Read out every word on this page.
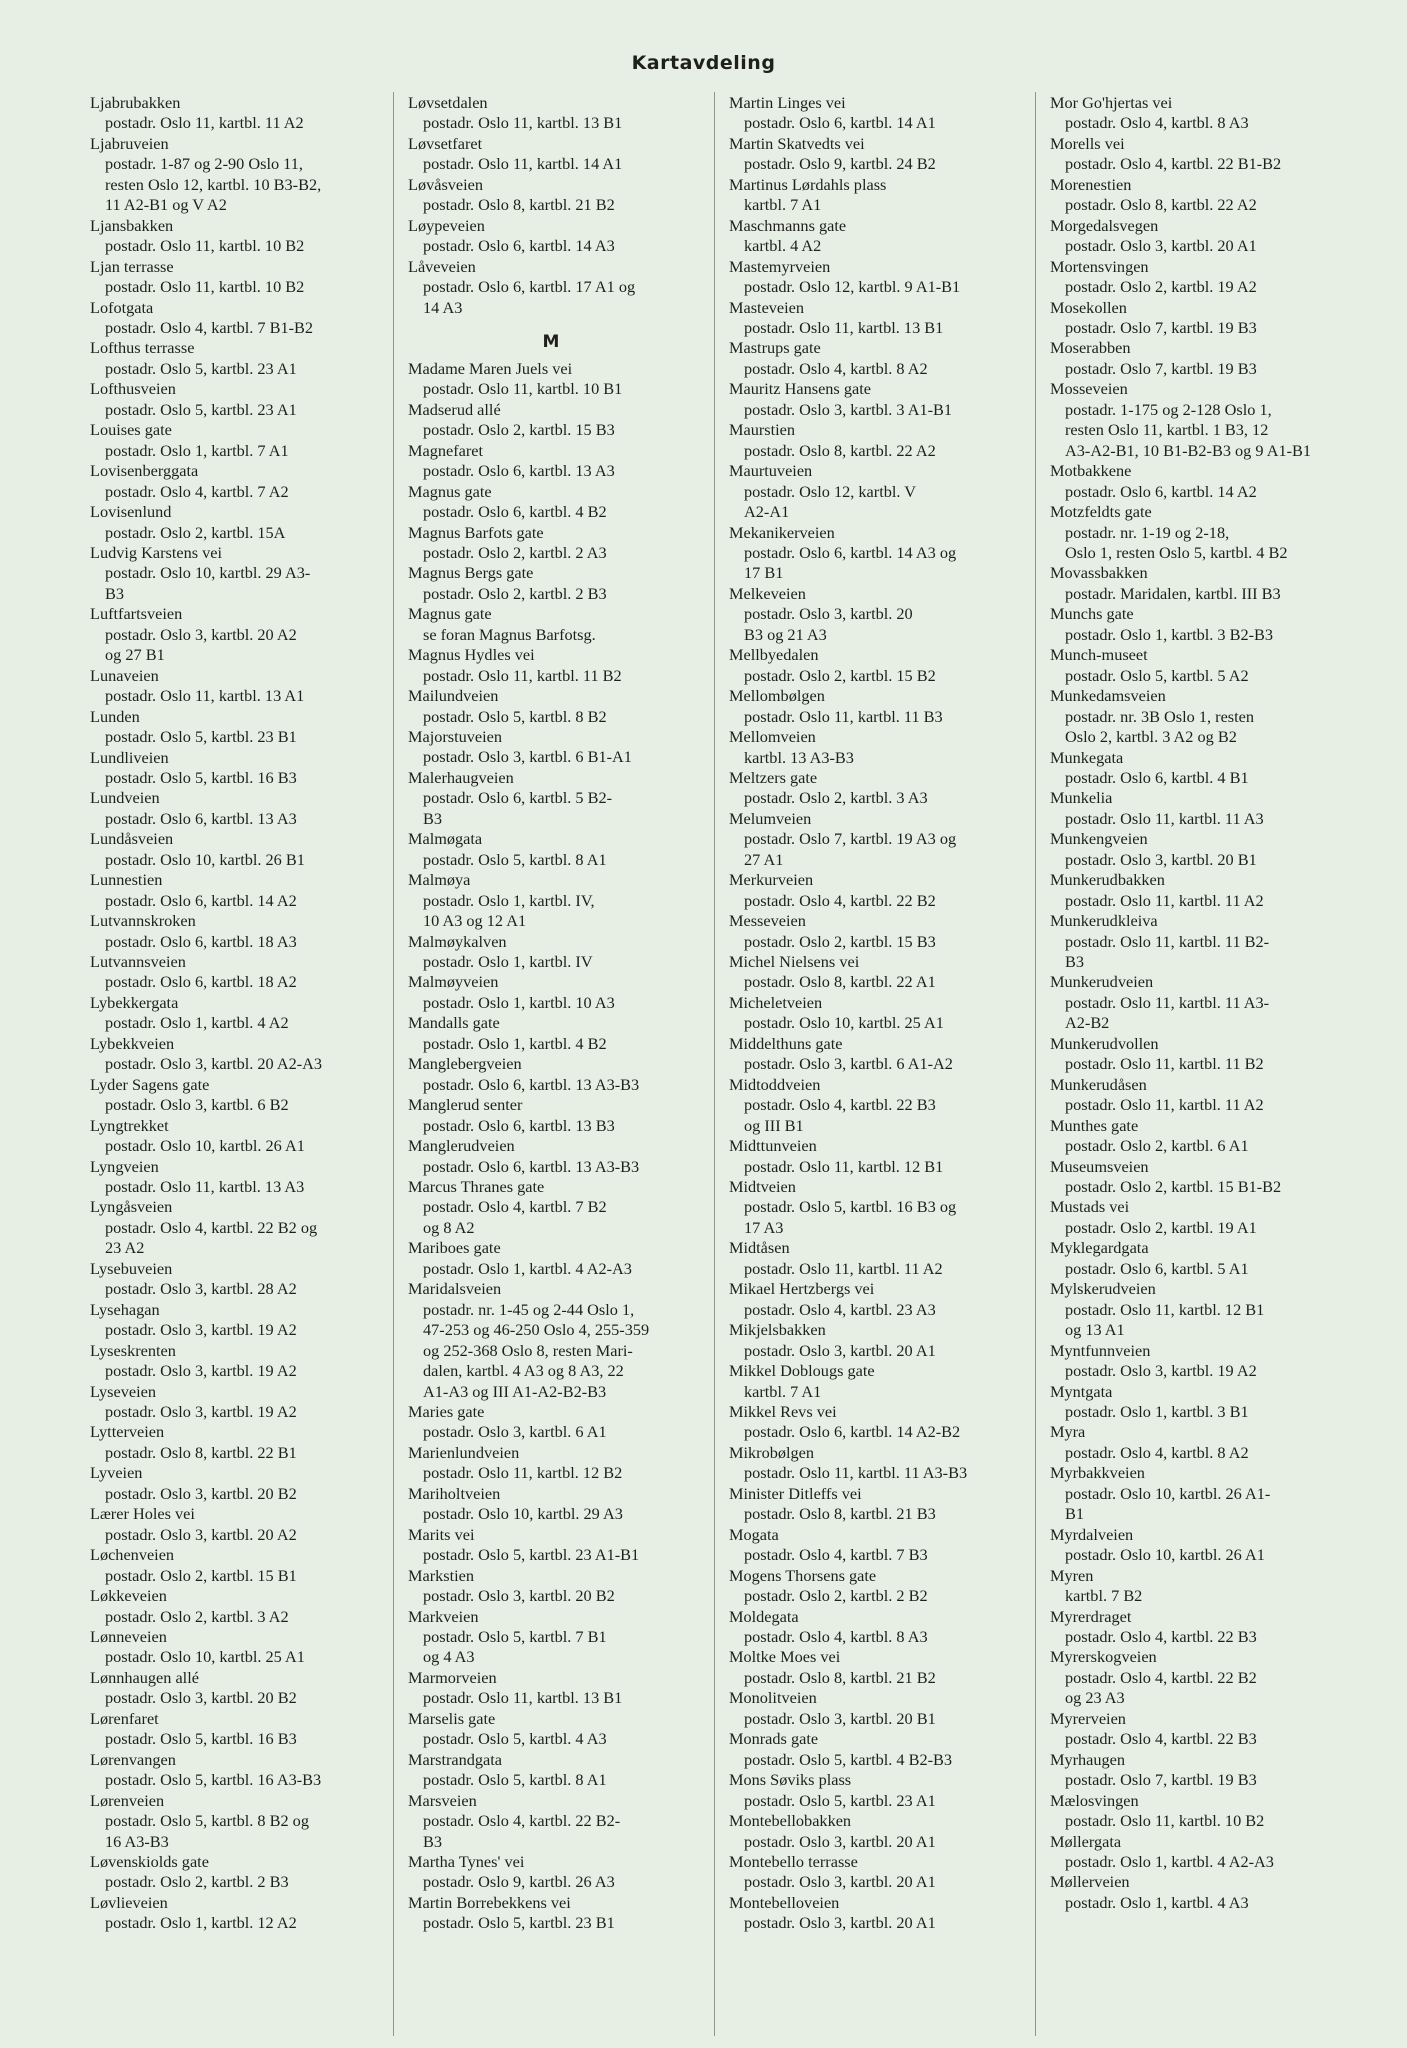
Kartavdeling
Ljabrubakken
postadr. Oslo 11, kartbl. 11 A2
Ljabruveien
postadr. 1-87 og 2-90 Oslo 11,
resten Oslo 12, kartbl. 10 B3-B2,
11 A2-B1 og V A2
Ljansbakken
postadr. Oslo 11, kartbl. 10 B2
Ljan terrasse
postadr. Oslo 11, kartbl. 10 B2
Lofotgata
postadr. Oslo 4, kartbl. 7 B1-B2
Lofthus terrasse
postadr. Oslo 5, kartbl. 23 A1
Lofthusveien
postadr. Oslo 5, kartbl. 23 A1
Louises gate
postadr. Oslo 1, kartbl. 7 A1
Lovisenberggata
postadr. Oslo 4, kartbl. 7 A2
Lovisenlund
postadr. Oslo 2, kartbl. 15A
Ludvig Karstens vei
postadr. Oslo 10, kartbl. 29 A3-
B3
Luftfartsveien
postadr. Oslo 3, kartbl. 20 A2
og 27 B1
Lunaveien
postadr. Oslo 11, kartbl. 13 A1
Lunden
postadr. Oslo 5, kartbl. 23 B1
Lundliveien
postadr. Oslo 5, kartbl. 16 B3
Lundveien
postadr. Oslo 6, kartbl. 13 A3
Lundåsveien
postadr. Oslo 10, kartbl. 26 B1
Lunnestien
postadr. Oslo 6, kartbl. 14 A2
Lutvannskroken
postadr. Oslo 6, kartbl. 18 A3
Lutvannsveien
postadr. Oslo 6, kartbl. 18 A2
Lybekkergata
postadr. Oslo 1, kartbl. 4 A2
Lybekkveien
postadr. Oslo 3, kartbl. 20 A2-A3
Lyder Sagens gate
postadr. Oslo 3, kartbl. 6 B2
Lyngtrekket
postadr. Oslo 10, kartbl. 26 A1
Lyngveien
postadr. Oslo 11, kartbl. 13 A3
Lyngåsveien
postadr. Oslo 4, kartbl. 22 B2 og
23 A2
Lysebuveien
postadr. Oslo 3, kartbl. 28 A2
Lysehagan
postadr. Oslo 3, kartbl. 19 A2
Lyseskrenten
postadr. Oslo 3, kartbl. 19 A2
Lyseveien
postadr. Oslo 3, kartbl. 19 A2
Lytterveien
postadr. Oslo 8, kartbl. 22 B1
Lyveien
postadr. Oslo 3, kartbl. 20 B2
Lærer Holes vei
postadr. Oslo 3, kartbl. 20 A2
Løchenveien
postadr. Oslo 2, kartbl. 15 B1
Løkkeveien
postadr. Oslo 2, kartbl. 3 A2
Lønneveien
postadr. Oslo 10, kartbl. 25 A1
Lønnhaugen allé
postadr. Oslo 3, kartbl. 20 B2
Lørenfaret
postadr. Oslo 5, kartbl. 16 B3
Lørenvangen
postadr. Oslo 5, kartbl. 16 A3-B3
Lørenveien
postadr. Oslo 5, kartbl. 8 B2 og
16 A3-B3
Løvenskiolds gate
postadr. Oslo 2, kartbl. 2 B3
Løvlieveien
postadr. Oslo 1, kartbl. 12 A2
Løvsetdalen
postadr. Oslo 11, kartbl. 13 B1
Løvsetfaret
postadr. Oslo 11, kartbl. 14 A1
Løvåsveien
postadr. Oslo 8, kartbl. 21 B2
Løypeveien
postadr. Oslo 6, kartbl. 14 A3
Låveveien
postadr. Oslo 6, kartbl. 17 A1 og
14 A3
M
Madame Maren Juels vei
postadr. Oslo 11, kartbl. 10 B1
Madserud allé
postadr. Oslo 2, kartbl. 15 B3
Magnefaret
postadr. Oslo 6, kartbl. 13 A3
Magnus gate
postadr. Oslo 6, kartbl. 4 B2
Magnus Barfots gate
postadr. Oslo 2, kartbl. 2 A3
Magnus Bergs gate
postadr. Oslo 2, kartbl. 2 B3
Magnus gate
se foran Magnus Barfotsg.
Magnus Hydles vei
postadr. Oslo 11, kartbl. 11 B2
Mailundveien
postadr. Oslo 5, kartbl. 8 B2
Majorstuveien
postadr. Oslo 3, kartbl. 6 B1-A1
Malerhaugveien
postadr. Oslo 6, kartbl. 5 B2-
B3
Malmøgata
postadr. Oslo 5, kartbl. 8 A1
Malmøya
postadr. Oslo 1, kartbl. IV,
10 A3 og 12 A1
Malmøykalven
postadr. Oslo 1, kartbl. IV
Malmøyveien
postadr. Oslo 1, kartbl. 10 A3
Mandalls gate
postadr. Oslo 1, kartbl. 4 B2
Manglebergveien
postadr. Oslo 6, kartbl. 13 A3-B3
Manglerud senter
postadr. Oslo 6, kartbl. 13 B3
Manglerudveien
postadr. Oslo 6, kartbl. 13 A3-B3
Marcus Thranes gate
postadr. Oslo 4, kartbl. 7 B2
og 8 A2
Mariboes gate
postadr. Oslo 1, kartbl. 4 A2-A3
Maridalsveien
postadr. nr. 1-45 og 2-44 Oslo 1,
47-253 og 46-250 Oslo 4, 255-359
og 252-368 Oslo 8, resten Mari-
dalen, kartbl. 4 A3 og 8 A3, 22
A1-A3 og III A1-A2-B2-B3
Maries gate
postadr. Oslo 3, kartbl. 6 A1
Marienlundveien
postadr. Oslo 11, kartbl. 12 B2
Mariholtveien
postadr. Oslo 10, kartbl. 29 A3
Marits vei
postadr. Oslo 5, kartbl. 23 A1-B1
Markstien
postadr. Oslo 3, kartbl. 20 B2
Markveien
postadr. Oslo 5, kartbl. 7 B1
og 4 A3
Marmorveien
postadr. Oslo 11, kartbl. 13 B1
Marselis gate
postadr. Oslo 5, kartbl. 4 A3
Marstrandgata
postadr. Oslo 5, kartbl. 8 A1
Marsveien
postadr. Oslo 4, kartbl. 22 B2-
B3
Martha Tynes' vei
postadr. Oslo 9, kartbl. 26 A3
Martin Borrebekkens vei
postadr. Oslo 5, kartbl. 23 B1
Martin Linges vei
postadr. Oslo 6, kartbl. 14 A1
Martin Skatvedts vei
postadr. Oslo 9, kartbl. 24 B2
Martinus Lørdahls plass
kartbl. 7 A1
Maschmanns gate
kartbl. 4 A2
Mastemyrveien
postadr. Oslo 12, kartbl. 9 A1-B1
Masteveien
postadr. Oslo 11, kartbl. 13 B1
Mastrups gate
postadr. Oslo 4, kartbl. 8 A2
Mauritz Hansens gate
postadr. Oslo 3, kartbl. 3 A1-B1
Maurstien
postadr. Oslo 8, kartbl. 22 A2
Maurtuveien
postadr. Oslo 12, kartbl. V
A2-A1
Mekanikerveien
postadr. Oslo 6, kartbl. 14 A3 og
17 B1
Melkeveien
postadr. Oslo 3, kartbl. 20
B3 og 21 A3
Mellbyedalen
postadr. Oslo 2, kartbl. 15 B2
Mellombølgen
postadr. Oslo 11, kartbl. 11 B3
Mellomveien
kartbl. 13 A3-B3
Meltzers gate
postadr. Oslo 2, kartbl. 3 A3
Melumveien
postadr. Oslo 7, kartbl. 19 A3 og
27 A1
Merkurveien
postadr. Oslo 4, kartbl. 22 B2
Messeveien
postadr. Oslo 2, kartbl. 15 B3
Michel Nielsens vei
postadr. Oslo 8, kartbl. 22 A1
Micheletveien
postadr. Oslo 10, kartbl. 25 A1
Middelthuns gate
postadr. Oslo 3, kartbl. 6 A1-A2
Midtoddveien
postadr. Oslo 4, kartbl. 22 B3
og III B1
Midttunveien
postadr. Oslo 11, kartbl. 12 B1
Midtveien
postadr. Oslo 5, kartbl. 16 B3 og
17 A3
Midtåsen
postadr. Oslo 11, kartbl. 11 A2
Mikael Hertzbergs vei
postadr. Oslo 4, kartbl. 23 A3
Mikjelsbakken
postadr. Oslo 3, kartbl. 20 A1
Mikkel Doblougs gate
kartbl. 7 A1
Mikkel Revs vei
postadr. Oslo 6, kartbl. 14 A2-B2
Mikrobølgen
postadr. Oslo 11, kartbl. 11 A3-B3
Minister Ditleffs vei
postadr. Oslo 8, kartbl. 21 B3
Mogata
postadr. Oslo 4, kartbl. 7 B3
Mogens Thorsens gate
postadr. Oslo 2, kartbl. 2 B2
Moldegata
postadr. Oslo 4, kartbl. 8 A3
Moltke Moes vei
postadr. Oslo 8, kartbl. 21 B2
Monolitveien
postadr. Oslo 3, kartbl. 20 B1
Monrads gate
postadr. Oslo 5, kartbl. 4 B2-B3
Mons Søviks plass
postadr. Oslo 5, kartbl. 23 A1
Montebellobakken
postadr. Oslo 3, kartbl. 20 A1
Montebello terrasse
postadr. Oslo 3, kartbl. 20 A1
Montebelloveien
postadr. Oslo 3, kartbl. 20 A1
Mor Go'hjertas vei
postadr. Oslo 4, kartbl. 8 A3
Morells vei
postadr. Oslo 4, kartbl. 22 B1-B2
Morenestien
postadr. Oslo 8, kartbl. 22 A2
Morgedalsvegen
postadr. Oslo 3, kartbl. 20 A1
Mortensvingen
postadr. Oslo 2, kartbl. 19 A2
Mosekollen
postadr. Oslo 7, kartbl. 19 B3
Moserabben
postadr. Oslo 7, kartbl. 19 B3
Mosseveien
postadr. 1-175 og 2-128 Oslo 1,
resten Oslo 11, kartbl. 1 B3, 12
A3-A2-B1, 10 B1-B2-B3 og 9 A1-B1
Motbakkene
postadr. Oslo 6, kartbl. 14 A2
Motzfeldts gate
postadr. nr. 1-19 og 2-18,
Oslo 1, resten Oslo 5, kartbl. 4 B2
Movassbakken
postadr. Maridalen, kartbl. III B3
Munchs gate
postadr. Oslo 1, kartbl. 3 B2-B3
Munch-museet
postadr. Oslo 5, kartbl. 5 A2
Munkedamsveien
postadr. nr. 3B Oslo 1, resten
Oslo 2, kartbl. 3 A2 og B2
Munkegata
postadr. Oslo 6, kartbl. 4 B1
Munkelia
postadr. Oslo 11, kartbl. 11 A3
Munkengveien
postadr. Oslo 3, kartbl. 20 B1
Munkerudbakken
postadr. Oslo 11, kartbl. 11 A2
Munkerudkleiva
postadr. Oslo 11, kartbl. 11 B2-
B3
Munkerudveien
postadr. Oslo 11, kartbl. 11 A3-
A2-B2
Munkerudvollen
postadr. Oslo 11, kartbl. 11 B2
Munkerudåsen
postadr. Oslo 11, kartbl. 11 A2
Munthes gate
postadr. Oslo 2, kartbl. 6 A1
Museumsveien
postadr. Oslo 2, kartbl. 15 B1-B2
Mustads vei
postadr. Oslo 2, kartbl. 19 A1
Myklegardgata
postadr. Oslo 6, kartbl. 5 A1
Mylskerudveien
postadr. Oslo 11, kartbl. 12 B1
og 13 A1
Myntfunnveien
postadr. Oslo 3, kartbl. 19 A2
Myntgata
postadr. Oslo 1, kartbl. 3 B1
Myra
postadr. Oslo 4, kartbl. 8 A2
Myrbakkveien
postadr. Oslo 10, kartbl. 26 A1-
B1
Myrdalveien
postadr. Oslo 10, kartbl. 26 A1
Myren
kartbl. 7 B2
Myrerdraget
postadr. Oslo 4, kartbl. 22 B3
Myrerskogveien
postadr. Oslo 4, kartbl. 22 B2
og 23 A3
Myrerveien
postadr. Oslo 4, kartbl. 22 B3
Myrhaugen
postadr. Oslo 7, kartbl. 19 B3
Mælosvingen
postadr. Oslo 11, kartbl. 10 B2
Møllergata
postadr. Oslo 1, kartbl. 4 A2-A3
Møllerveien
postadr. Oslo 1, kartbl. 4 A3
